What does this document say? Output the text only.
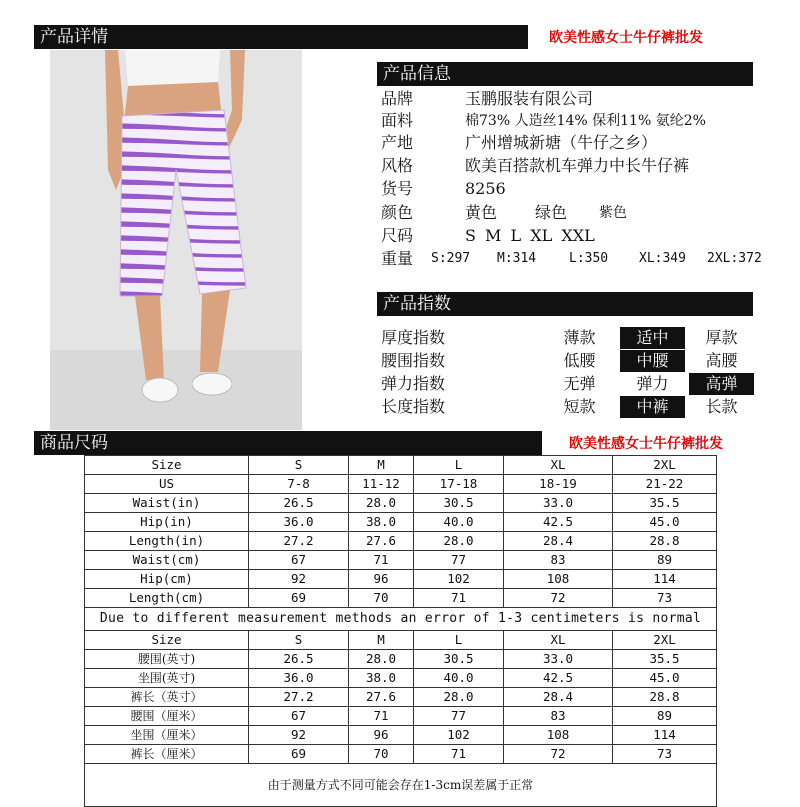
产品详情	欧美性感女士牛仔裤批发
产品信息
品牌	玉鹏服装有限公司
面料	棉73% 人造丝14% 保利11% 氨纶2%
产地	广州增城新塘（牛仔之乡）
风格	欧美百搭款机车弹力中长牛仔裤
货号	8256
颜色	黄色 绿色 紫色
尺码	S M L XL XXL
重量	S:297 M:314	L:350 XL:349 2XL:372
产品指数
厚度指数	薄款	适中	厚款
腰围指数	低腰	中腰	高腰
弹力指数	无弹	弹力	高弹
长度指数	短款	中裤	长款
商品尺码	欧美性感女士牛仔裤批发
Size	S	M	L	XL	2XL
US	7-8	11-12	17-18	18-19	21-22
Waist(in)	26.5	28.0	30.5	33.0	35.5
Hip(in)	36.0	38.0	40.0	42.5	45.0
Length(in)	27.2	27.6	28.0	28.4	28.8
Waist(cm)	67	71	77	83	89
Hip(cm)	92	96	102	108	114
Length(cm)	69	70	71	72	73
Due to different measurement methods an error of 1-3 centimeters is normal					
Size	S	M	L	XL	2XL
腰围(英寸)	26.5	28.0	30.5	33.0	35.5
坐围(英寸)	36.0	38.0	40.0	42.5	45.0
裤长（英寸）	27.2	27.6	28.0	28.4	28.8
腰围（厘米）	67	71	77	83	89
坐围（厘米）	92	96	102	108	114
裤长（厘米）	69	70	71	72	73
由于测量方式不同可能会存在1-3cm误差属于正常					
